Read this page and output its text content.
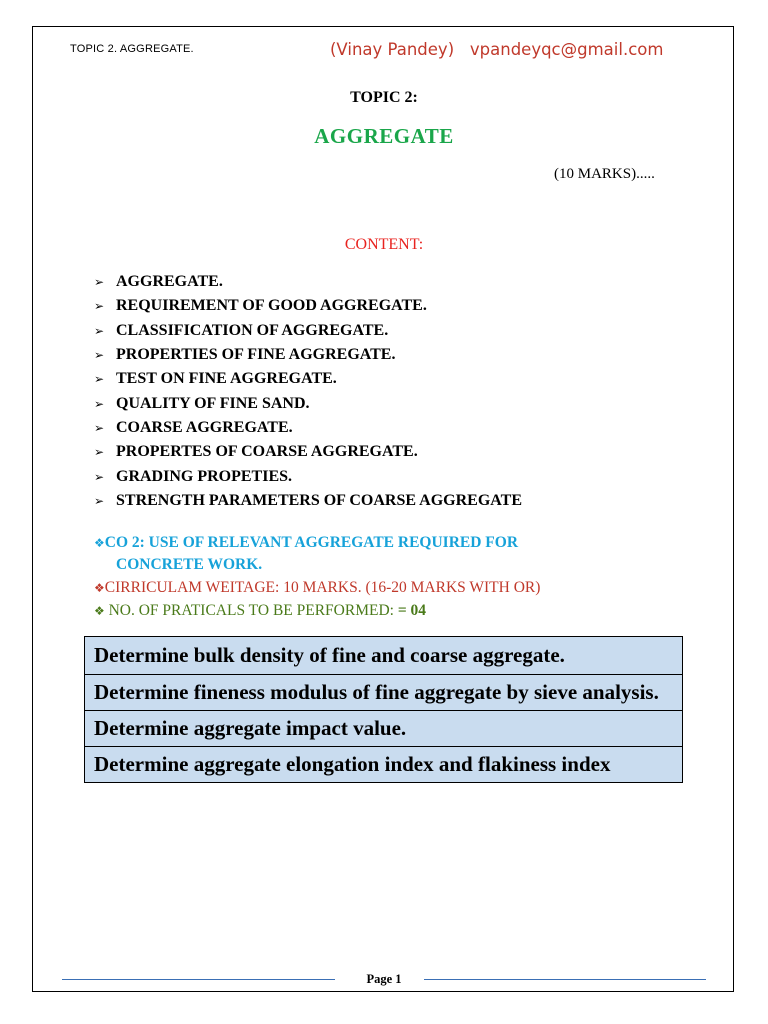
TOPIC 2. AGGREGATE.	(Vinay Pandey) vpandeyqc@gmail.com
TOPIC 2:
AGGREGATE
(10 MARKS).....
CONTENT:
➢ AGGREGATE.
➢ REQUIREMENT OF GOOD AGGREGATE.
➢ CLASSIFICATION OF AGGREGATE.
➢ PROPERTIES OF FINE AGGREGATE.
➢ TEST ON FINE AGGREGATE.
➢ QUALITY OF FINE SAND.
➢ COARSE AGGREGATE.
➢ PROPERTES OF COARSE AGGREGATE.
➢ GRADING PROPETIES.
➢ STRENGTH PARAMETERS OF COARSE AGGREGATE
❖CO 2: USE OF RELEVANT AGGREGATE REQUIRED FOR
CONCRETE WORK.
❖CIRRICULAM WEITAGE: 10 MARKS. (16-20 MARKS WITH OR)
❖ NO. OF PRATICALS TO BE PERFORMED: = 04
Determine bulk density of fine and coarse aggregate.
Determine fineness modulus of fine aggregate by sieve analysis.
Determine aggregate impact value.
Determine aggregate elongation index and flakiness index
Page 1
